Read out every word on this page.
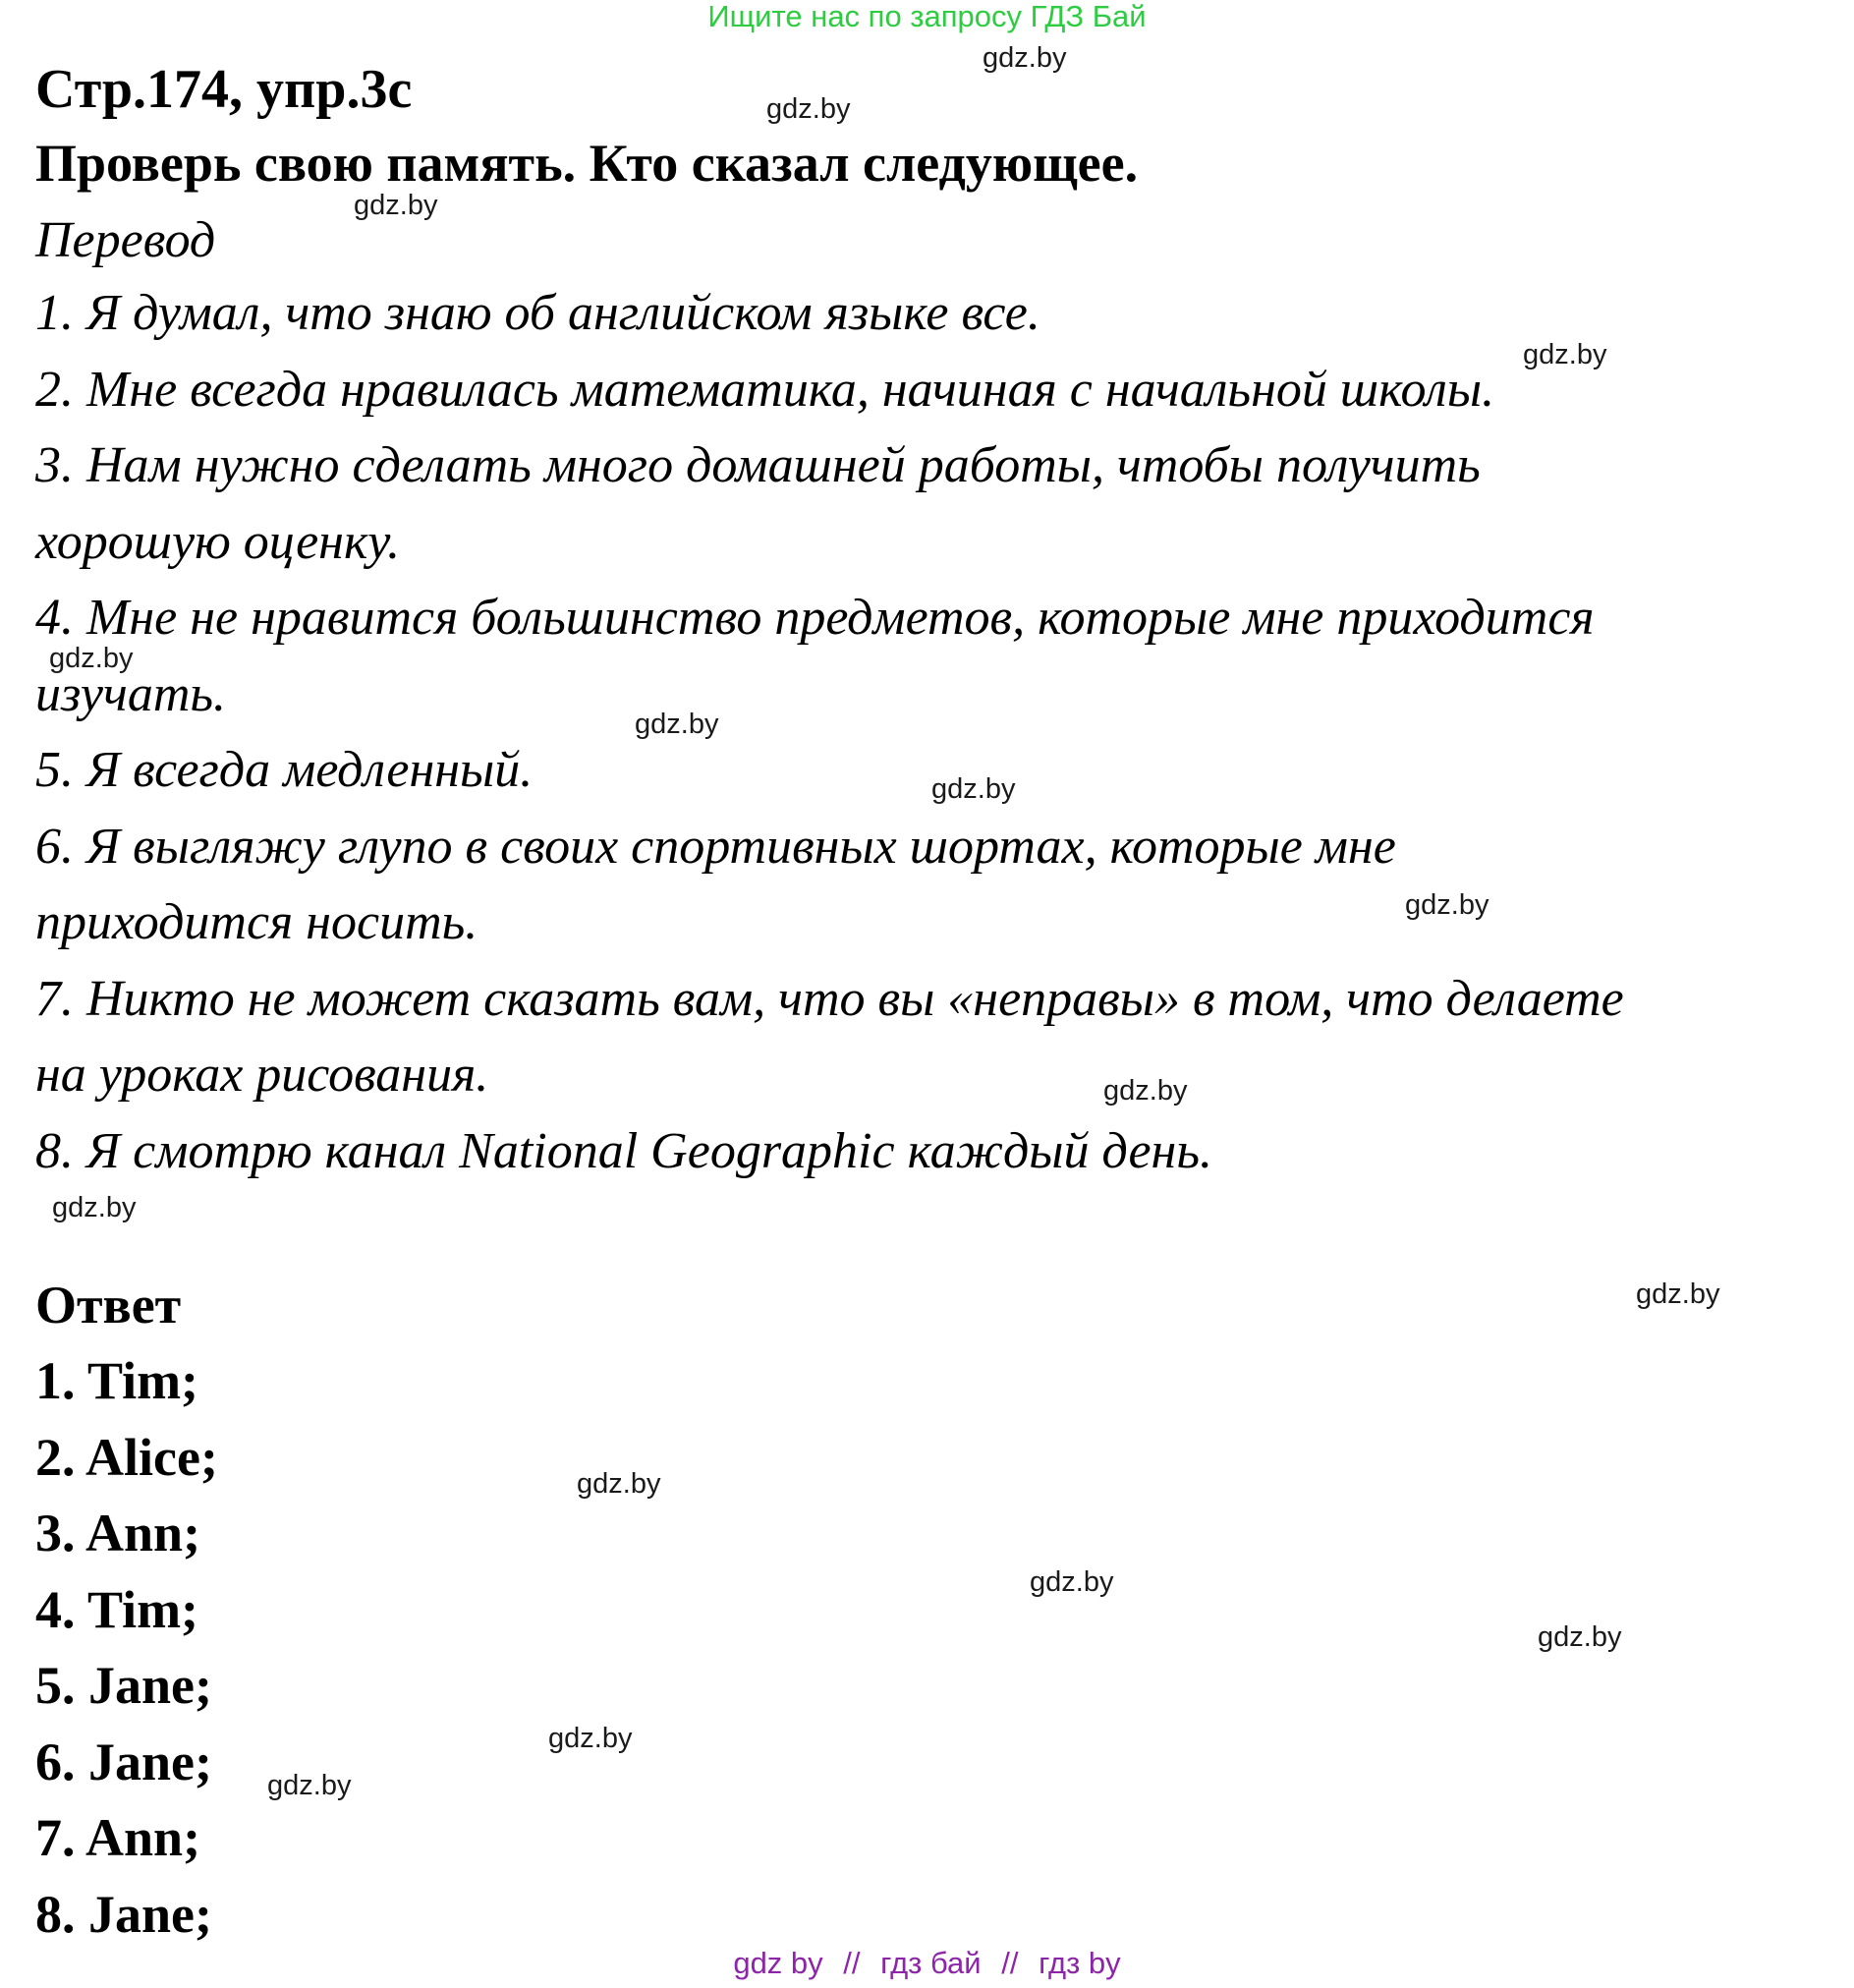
Ищите нас по запросу ГДЗ Бай
Стр.174, упр.3с
Проверь свою память. Кто сказал следующее.
Перевод
1. Я думал, что знаю об английском языке все.
2. Мне всегда нравилась математика, начиная с начальной школы.
3. Нам нужно сделать много домашней работы, чтобы получить
хорошую оценку.
4. Мне не нравится большинство предметов, которые мне приходится
изучать.
5. Я всегда медленный.
6. Я выгляжу глупо в своих спортивных шортах, которые мне
приходится носить.
7. Никто не может сказать вам, что вы «неправы» в том, что делаете
на уроках рисования.
8. Я смотрю канал National Geographic каждый день.
Ответ
1. Tim;
2. Alice;
3. Ann;
4. Tim;
5. Jane;
6. Jane;
7. Ann;
8. Jane;
gdz.by
gdz.by
gdz.by
gdz.by
gdz.by
gdz.by
gdz.by
gdz.by
gdz.by
gdz.by
gdz.by
gdz.by
gdz.by
gdz.by
gdz.by
gdz.by
gdz by // гдз бай // гдз by
